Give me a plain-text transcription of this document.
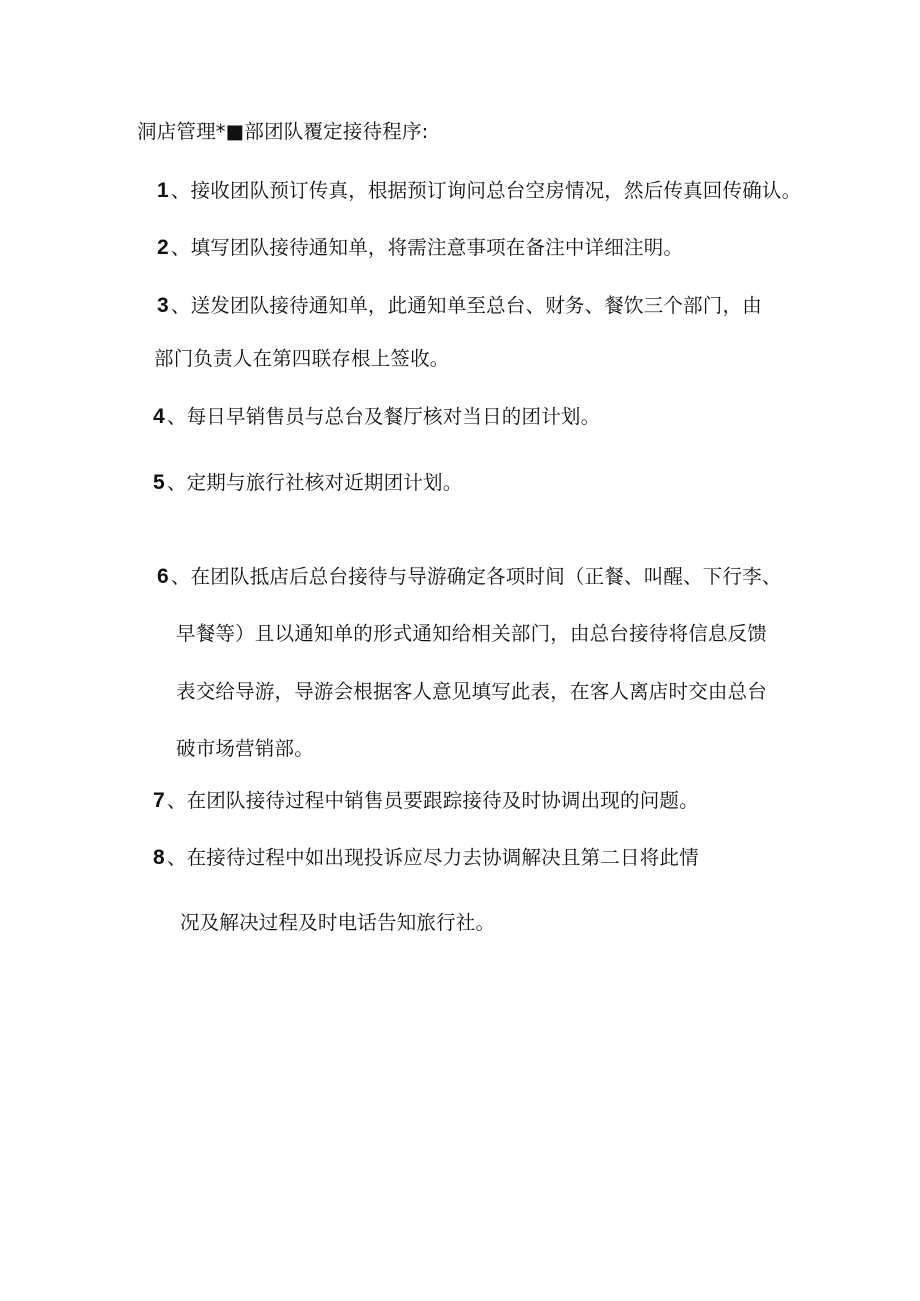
洞店管理*■部团队覆定接待程序:
1 、接收团队预订传真，根据预订询问总台空房情况，然后传真回传确认。
2 、填写团队接待通知单，将需注意事项在备注中详细注明。
3 、送发团队接待通知单，此通知单至总台、财务、餐饮三个部门，由
部门负责人在第四联存根上签收。
4 、每日早销售员与总台及餐厅核对当日的团计划。
5 、定期与旅行社核对近期团计划。
6 、在团队抵店后总台接待与导游确定各项时间（正餐、叫醒、下行李、
早餐等）且以通知单的形式通知给相关部门，由总台接待将信息反馈
表交给导游，导游会根据客人意见填写此表，在客人离店时交由总台
破市场营销部。
7 、在团队接待过程中销售员要跟踪接待及时协调出现的问题。
8 、在接待过程中如出现投诉应尽力去协调解决且第二日将此情
况及解决过程及时电话告知旅行社。
